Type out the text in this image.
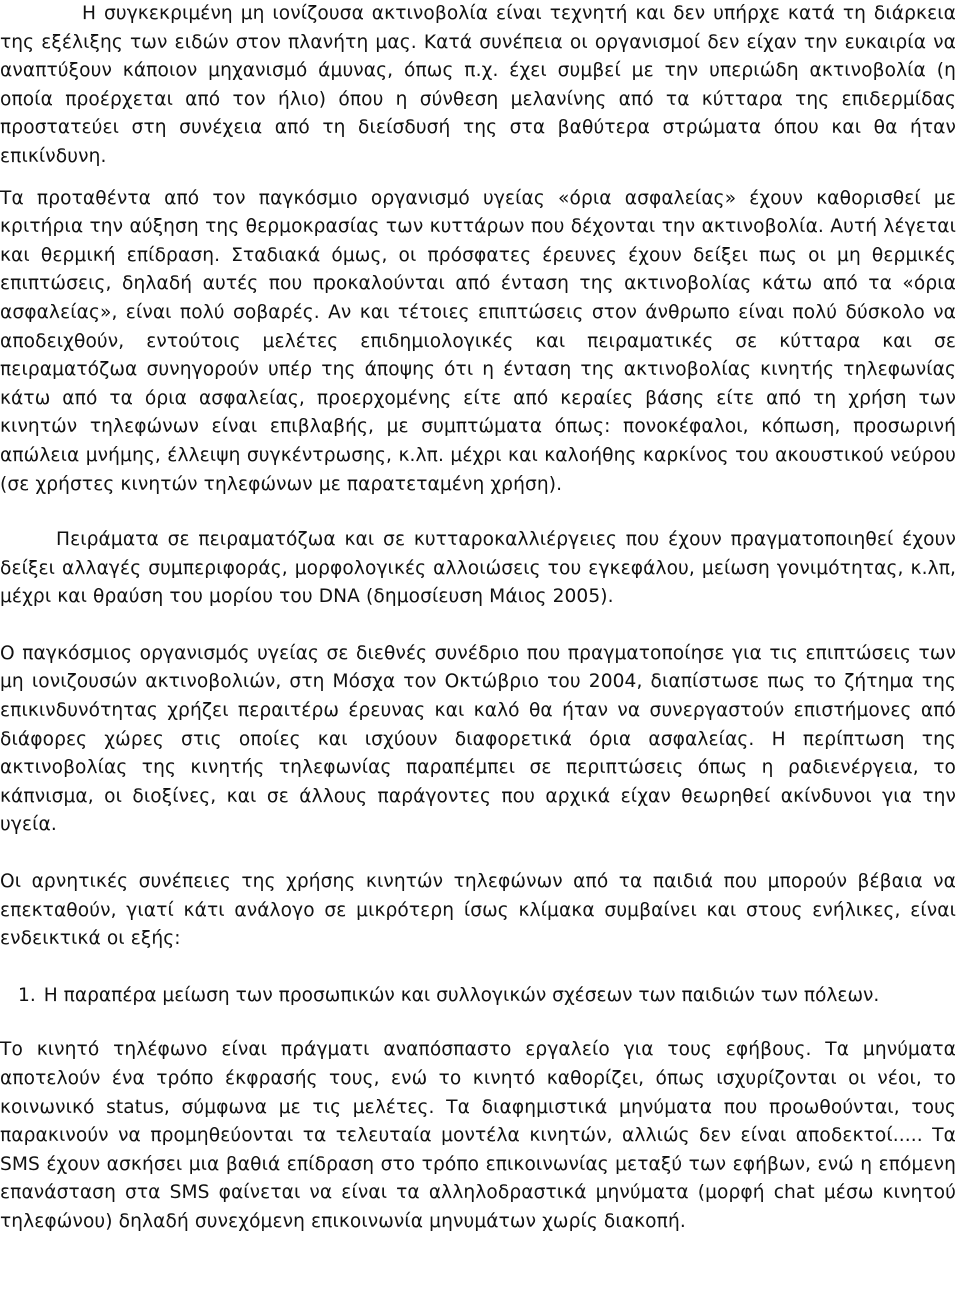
Η συγκεκριμένη μη ιονίζουσα ακτινοβολία είναι τεχνητή και δεν υπήρχε κατά τη διάρκεια της εξέλιξης των ειδών στον πλανήτη μας. Κατά συνέπεια οι οργανισμοί δεν είχαν την ευκαιρία να αναπτύξουν κάποιον μηχανισμό άμυνας, όπως π.χ. έχει συμβεί με την υπεριώδη ακτινοβολία (η οποία προέρχεται από τον ήλιο) όπου η σύνθεση μελανίνης από τα κύτταρα της επιδερμίδας προστατεύει στη συνέχεια από τη διείσδυσή της στα βαθύτερα στρώματα όπου και θα ήταν επικίνδυνη.

Τα προταθέντα από τον παγκόσμιο οργανισμό υγείας «όρια ασφαλείας» έχουν καθορισθεί με κριτήρια την αύξηση της θερμοκρασίας των κυττάρων που δέχονται την ακτινοβολία. Αυτή λέγεται και θερμική επίδραση. Σταδιακά όμως, οι πρόσφατες έρευνες έχουν δείξει πως οι μη θερμικές επιπτώσεις, δηλαδή αυτές που προκαλούνται από ένταση της ακτινοβολίας κάτω από τα «όρια ασφαλείας», είναι πολύ σοβαρές. Αν και τέτοιες επιπτώσεις στον άνθρωπο είναι πολύ δύσκολο να αποδειχθούν, εντούτοις μελέτες επιδημιολογικές και πειραματικές σε κύτταρα και σε πειραματόζωα συνηγορούν υπέρ της άποψης ότι η ένταση της ακτινοβολίας κινητής τηλεφωνίας κάτω από τα όρια ασφαλείας, προερχομένης είτε από κεραίες βάσης είτε από τη χρήση των κινητών τηλεφώνων είναι επιβλαβής, με συμπτώματα όπως: πονοκέφαλοι, κόπωση, προσωρινή απώλεια μνήμης, έλλειψη συγκέντρωσης, κ.λπ. μέχρι και καλοήθης καρκίνος του ακουστικού νεύρου (σε χρήστες κινητών τηλεφώνων με παρατεταμένη χρήση).

Πειράματα σε πειραματόζωα και σε κυτταροκαλλιέργειες που έχουν πραγματοποιηθεί έχουν δείξει αλλαγές συμπεριφοράς, μορφολογικές αλλοιώσεις του εγκεφάλου, μείωση γονιμότητας, κ.λπ, μέχρι και θραύση του μορίου του DNA (δημοσίευση Μάιος 2005).

Ο παγκόσμιος οργανισμός υγείας σε διεθνές συνέδριο που πραγματοποίησε για τις επιπτώσεις των μη ιονιζουσών ακτινοβολιών, στη Μόσχα τον Οκτώβριο του 2004, διαπίστωσε πως το ζήτημα της επικινδυνότητας χρήζει περαιτέρω έρευνας και καλό θα ήταν να συνεργαστούν επιστήμονες από διάφορες χώρες στις οποίες και ισχύουν διαφορετικά όρια ασφαλείας. Η περίπτωση της ακτινοβολίας της κινητής τηλεφωνίας παραπέμπει σε περιπτώσεις όπως η ραδιενέργεια, το κάπνισμα, οι διοξίνες, και σε άλλους παράγοντες που αρχικά είχαν θεωρηθεί ακίνδυνοι για την υγεία.

Οι αρνητικές συνέπειες της χρήσης κινητών τηλεφώνων από τα παιδιά που μπορούν βέβαια να επεκταθούν, γιατί κάτι ανάλογο σε μικρότερη ίσως κλίμακα συμβαίνει και στους ενήλικες, είναι ενδεικτικά οι εξής:

1. Η παραπέρα μείωση των προσωπικών και συλλογικών σχέσεων των παιδιών των πόλεων.

Το κινητό τηλέφωνο είναι πράγματι αναπόσπαστο εργαλείο για τους εφήβους. Τα μηνύματα αποτελούν ένα τρόπο έκφρασής τους, ενώ το κινητό καθορίζει, όπως ισχυρίζονται οι νέοι, το κοινωνικό status, σύμφωνα με τις μελέτες. Τα διαφημιστικά μηνύματα που προωθούνται, τους παρακινούν να προμηθεύονται τα τελευταία μοντέλα κινητών, αλλιώς δεν είναι αποδεκτοί..... Τα SMS έχουν ασκήσει μια βαθιά επίδραση στο τρόπο επικοινωνίας μεταξύ των εφήβων, ενώ η επόμενη επανάσταση στα SMS φαίνεται να είναι τα αλληλοδραστικά μηνύματα (μορφή chat μέσω κινητού τηλεφώνου) δηλαδή συνεχόμενη επικοινωνία μηνυμάτων χωρίς διακοπή.
